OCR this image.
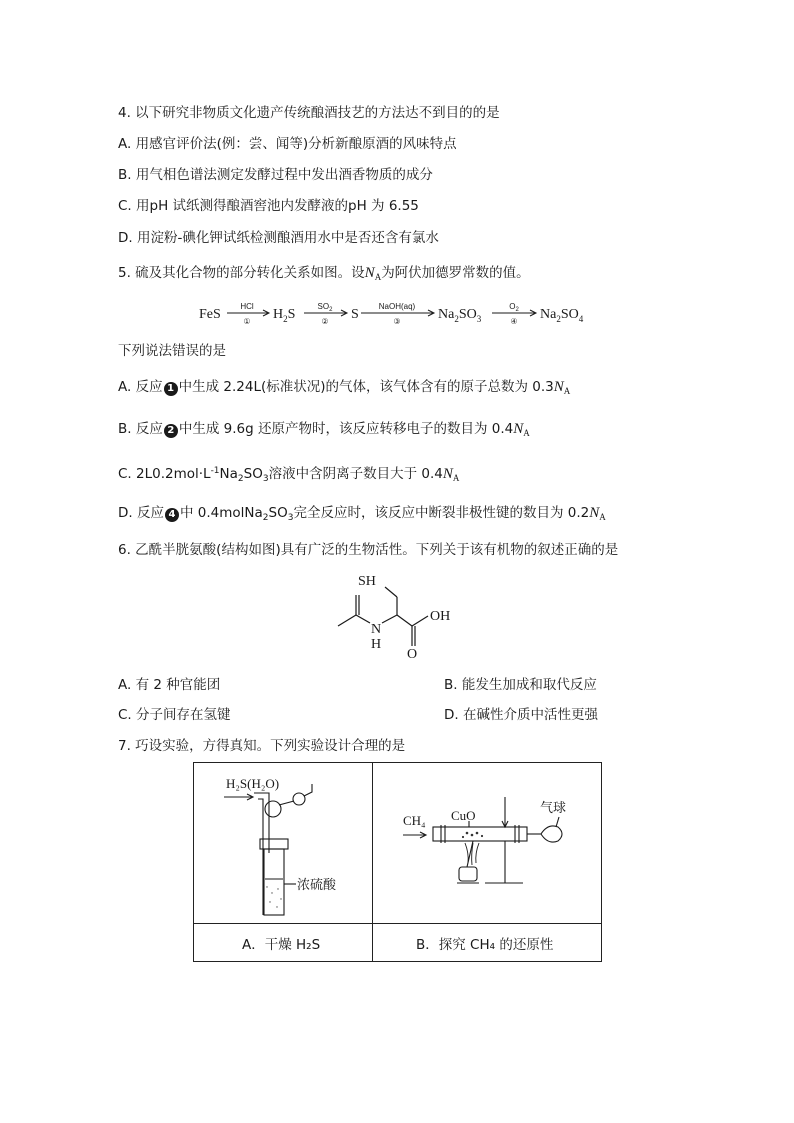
4. 以下研究非物质文化遗产传统酿酒技艺的方法达不到目的的是
A. 用感官评价法(例：尝、闻等)分析新酿原酒的风味特点
B. 用气相色谱法测定发酵过程中发出酒香物质的成分
C. 用pH 试纸测得酿酒窖池内发酵液的pH 为 6.55
D. 用淀粉-碘化钾试纸检测酿酒用水中是否还含有氯水
5. 硫及其化合物的部分转化关系如图。设$N_A$为阿伏加德罗常数的值。
FeS	$H_2S$	S	$Na_2SO_3$	$Na_2SO_4$
HCl	$SO_2$	NaOH(aq)	$O_2$
①	②	③	④
下列说法错误的是
A. 反应 1 中生成 2.24L(标准状况)的气体，该气体含有的原子总数为 $0.3N_A$
B. 反应 2 中生成 9.6g 还原产物时，该反应转移电子的数目为 $0.4N_A$
C. $2L0.2mol\cdot L^{-1}Na_2SO_3$溶液中含阴离子数目大于 $0.4N_A$
D. 反应 4 中 $0.4molNa_2SO_3$完全反应时，该反应中断裂非极性键的数目为 $0.2N_A$
6. 乙酰半胱氨酸(结构如图)具有广泛的生物活性。下列关于该有机物的叙述正确的是
SH
N
H
OH
O
A. 有 2 种官能团	B. 能发生加成和取代反应
C. 分子间存在氢键	D. 在碱性介质中活性更强
7. 巧设实验，方得真知。下列实验设计合理的是
H₂S(H₂O)
浓硫酸
A．干燥 H₂S
CH₄ CuO	气球
B．探究 CH₄ 的还原性
